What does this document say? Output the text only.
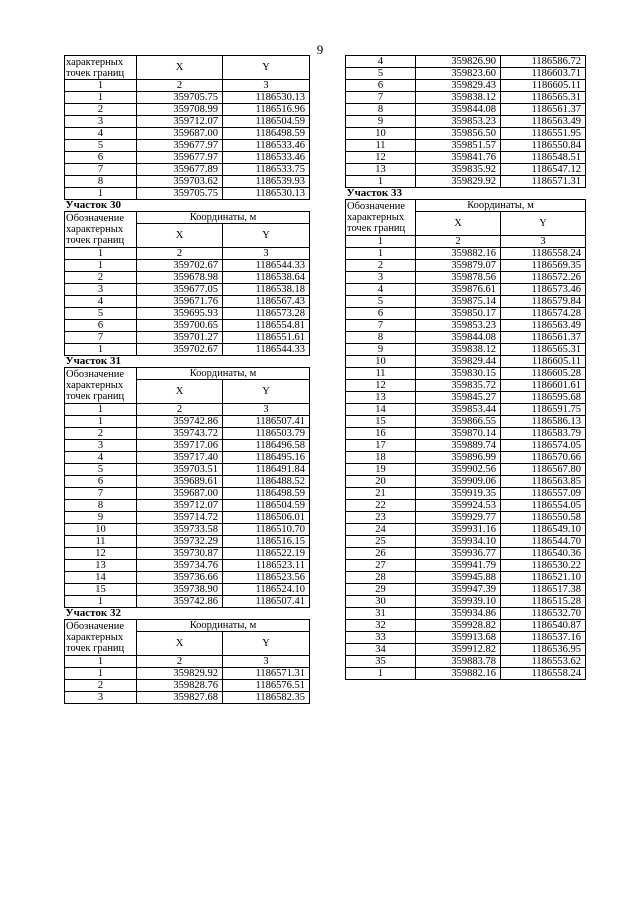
9
характерных точек границ	X	Y
1	2	3
1	359705.75	1186530.13
2	359708.99	1186516.96
3	359712.07	1186504.59
4	359687.00	1186498.59
5	359677.97	1186533.46
6	359677.97	1186533.46
7	359677.89	1186533.75
8	359703.62	1186539.93
1	359705.75	1186530.13
Участок 30		
Обозначение характерных точек границ	Координаты, м	
	X	Y
1	2	3
1	359702.67	1186544.33
2	359678.98	1186538.64
3	359677.05	1186538.18
4	359671.76	1186567.43
5	359695.93	1186573.28
6	359700.65	1186554.81
7	359701.27	1186551.61
1	359702.67	1186544.33
Участок 31		
Обозначение характерных точек границ	Координаты, м	
	X	Y
1	2	3
1	359742.86	1186507.41
2	359743.72	1186503.79
3	359717.06	1186496.58
4	359717.40	1186495.16
5	359703.51	1186491.84
6	359689.61	1186488.52
7	359687.00	1186498.59
8	359712.07	1186504.59
9	359714.72	1186506.01
10	359733.58	1186510.70
11	359732.29	1186516.15
12	359730.87	1186522.19
13	359734.76	1186523.11
14	359736.66	1186523.56
15	359738.90	1186524.10
1	359742.86	1186507.41
Участок 32		
Обозначение характерных точек границ	Координаты, м	
	X	Y
1	2	3
1	359829.92	1186571.31
2	359828.76	1186576.51
3	359827.68	1186582.35
4	359826.90	1186586.72
5	359823.60	1186603.71
6	359829.43	1186605.11
7	359838.12	1186565.31
8	359844.08	1186561.37
9	359853.23	1186563.49
10	359856.50	1186551.95
11	359851.57	1186550.84
12	359841.76	1186548.51
13	359835.92	1186547.12
1	359829.92	1186571.31
Участок 33		
Обозначение характерных точек границ	Координаты, м	
	X	Y
1	2	3
1	359882.16	1186558.24
2	359879.07	1186569.35
3	359878.56	1186572.26
4	359876.61	1186573.46
5	359875.14	1186579.84
6	359850.17	1186574.28
7	359853.23	1186563.49
8	359844.08	1186561.37
9	359838.12	1186565.31
10	359829.44	1186605.11
11	359830.15	1186605.28
12	359835.72	1186601.61
13	359845.27	1186595.68
14	359853.44	1186591.75
15	359866.55	1186586.13
16	359870.14	1186583.79
17	359889.74	1186574.05
18	359896.99	1186570.66
19	359902.56	1186567.80
20	359909.06	1186563.85
21	359919.35	1186557.09
22	359924.53	1186554.05
23	359929.77	1186550.58
24	359931.16	1186549.10
25	359934.10	1186544.70
26	359936.77	1186540.36
27	359941.79	1186530.22
28	359945.88	1186521.10
29	359947.39	1186517.38
30	359939.10	1186515.28
31	359934.86	1186532.70
32	359928.82	1186540.87
33	359913.68	1186537.16
34	359912.82	1186536.95
35	359883.78	1186553.62
1	359882.16	1186558.24
